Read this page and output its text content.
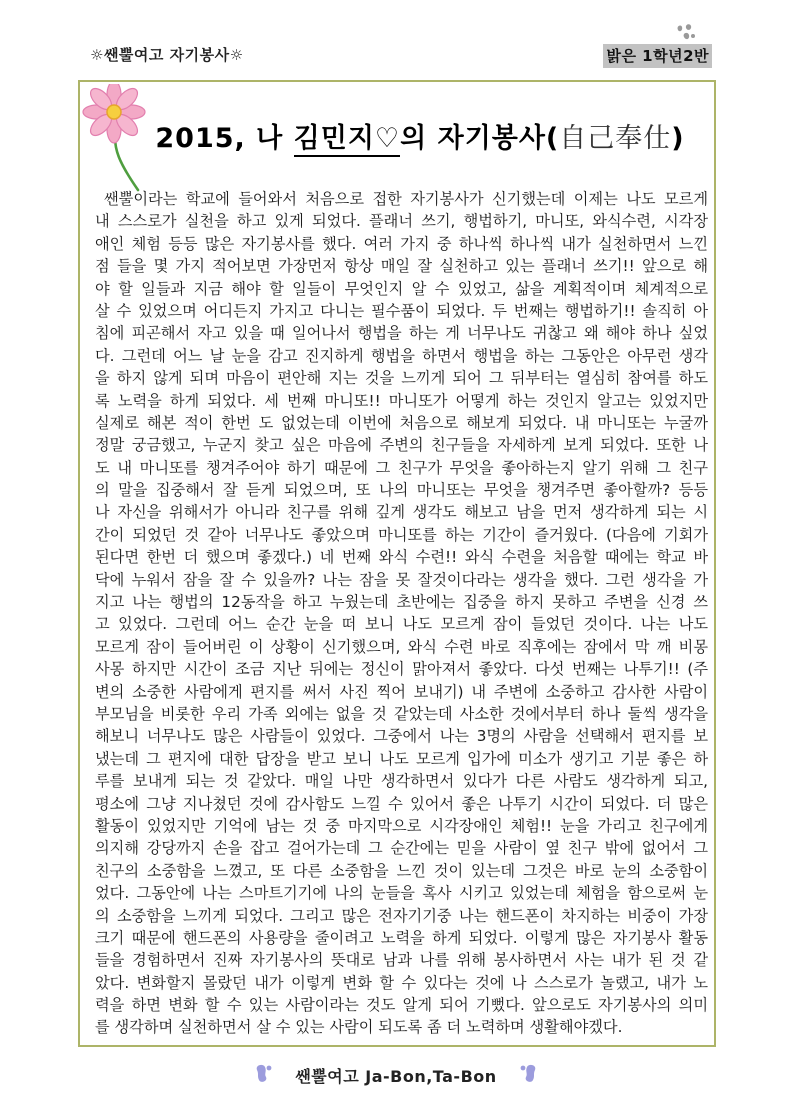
☼쌘뿔여고 자기봉사☼	밝은 1학년2반
2015, 나 김민지♡의 자기봉사(自己奉仕)
쌘뿔이라는 학교에 들어와서 처음으로 접한 자기봉사가 신기했는데 이제는 나도 모르게
내 스스로가 실천을 하고 있게 되었다. 플래너 쓰기, 행법하기, 마니또, 와식수련, 시각장
애인 체험 등등 많은 자기봉사를 했다. 여러 가지 중 하나씩 하나씩 내가 실천하면서 느낀
점 들을 몇 가지 적어보면 가장먼저 항상 매일 잘 실천하고 있는 플래너 쓰기!! 앞으로 해
야 할 일들과 지금 해야 할 일들이 무엇인지 알 수 있었고, 삶을 계획적이며 체계적으로
살 수 있었으며 어디든지 가지고 다니는 필수품이 되었다. 두 번째는 행법하기!! 솔직히 아
침에 피곤해서 자고 있을 때 일어나서 행법을 하는 게 너무나도 귀찮고 왜 해야 하나 싶었
다. 그런데 어느 날 눈을 감고 진지하게 행법을 하면서 행법을 하는 그동안은 아무런 생각
을 하지 않게 되며 마음이 편안해 지는 것을 느끼게 되어 그 뒤부터는 열심히 참여를 하도
록 노력을 하게 되었다. 세 번째 마니또!! 마니또가 어떻게 하는 것인지 알고는 있었지만
실제로 해본 적이 한번 도 없었는데 이번에 처음으로 해보게 되었다. 내 마니또는 누굴까
정말 궁금했고, 누군지 찾고 싶은 마음에 주변의 친구들을 자세하게 보게 되었다. 또한 나
도 내 마니또를 챙겨주어야 하기 때문에 그 친구가 무엇을 좋아하는지 알기 위해 그 친구
의 말을 집중해서 잘 듣게 되었으며, 또 나의 마니또는 무엇을 챙겨주면 좋아할까? 등등
나 자신을 위해서가 아니라 친구를 위해 깊게 생각도 해보고 남을 먼저 생각하게 되는 시
간이 되었던 것 같아 너무나도 좋았으며 마니또를 하는 기간이 즐거웠다. (다음에 기회가
된다면 한번 더 했으며 좋겠다.) 네 번째 와식 수련!! 와식 수련을 처음할 때에는 학교 바
닥에 누워서 잠을 잘 수 있을까? 나는 잠을 못 잘것이다라는 생각을 했다. 그런 생각을 가
지고 나는 행법의 12동작을 하고 누웠는데 초반에는 집중을 하지 못하고 주변을 신경 쓰
고 있었다. 그런데 어느 순간 눈을 떠 보니 나도 모르게 잠이 들었던 것이다. 나는 나도
모르게 잠이 들어버린 이 상황이 신기했으며, 와식 수련 바로 직후에는 잠에서 막 깨 비몽
사몽 하지만 시간이 조금 지난 뒤에는 정신이 맑아져서 좋았다. 다섯 번째는 나투기!! (주
변의 소중한 사람에게 편지를 써서 사진 찍어 보내기) 내 주변에 소중하고 감사한 사람이
부모님을 비롯한 우리 가족 외에는 없을 것 같았는데 사소한 것에서부터 하나 둘씩 생각을
해보니 너무나도 많은 사람들이 있었다. 그중에서 나는 3명의 사람을 선택해서 편지를 보
냈는데 그 편지에 대한 답장을 받고 보니 나도 모르게 입가에 미소가 생기고 기분 좋은 하
루를 보내게 되는 것 같았다. 매일 나만 생각하면서 있다가 다른 사람도 생각하게 되고,
평소에 그냥 지나쳤던 것에 감사함도 느낄 수 있어서 좋은 나투기 시간이 되었다. 더 많은
활동이 있었지만 기억에 남는 것 중 마지막으로 시각장애인 체험!! 눈을 가리고 친구에게
의지해 강당까지 손을 잡고 걸어가는데 그 순간에는 믿을 사람이 옆 친구 밖에 없어서 그
친구의 소중함을 느꼈고, 또 다른 소중함을 느낀 것이 있는데 그것은 바로 눈의 소중함이
었다. 그동안에 나는 스마트기기에 나의 눈들을 혹사 시키고 있었는데 체험을 함으로써 눈
의 소중함을 느끼게 되었다. 그리고 많은 전자기기중 나는 핸드폰이 차지하는 비중이 가장
크기 때문에 핸드폰의 사용량을 줄이려고 노력을 하게 되었다. 이렇게 많은 자기봉사 활동
들을 경험하면서 진짜 자기봉사의 뜻대로 남과 나를 위해 봉사하면서 사는 내가 된 것 같
았다. 변화할지 몰랐던 내가 이렇게 변화 할 수 있다는 것에 나 스스로가 놀랬고, 내가 노
력을 하면 변화 할 수 있는 사람이라는 것도 알게 되어 기뻤다. 앞으로도 자기봉사의 의미
를 생각하며 실천하면서 살 수 있는 사람이 되도록 좀 더 노력하며 생활해야겠다.
쌘뿔여고 Ja-Bon,Ta-Bon
